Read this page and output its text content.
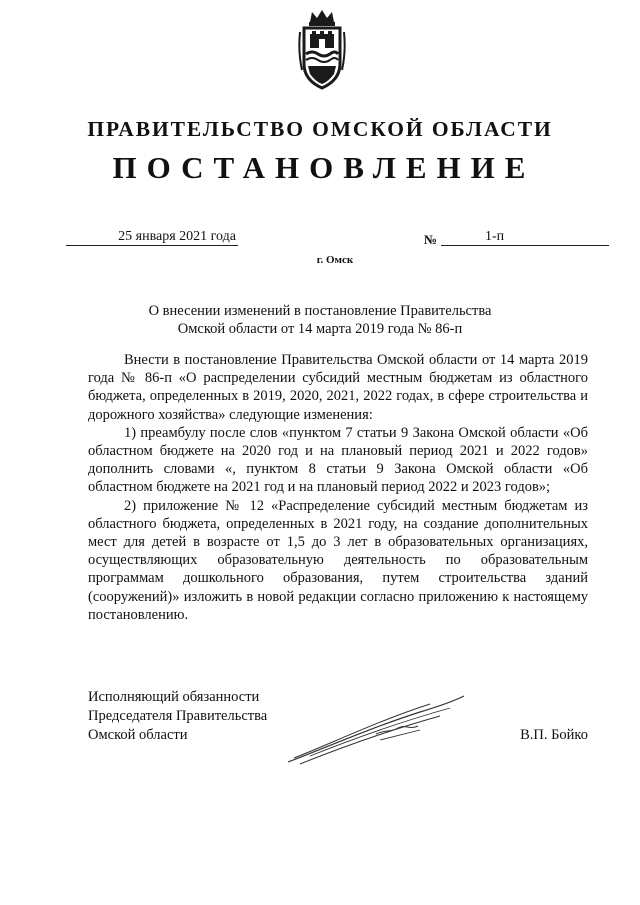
ПРАВИТЕЛЬСТВО ОМСКОЙ ОБЛАСТИ
ПОСТАНОВЛЕНИЕ
25 января 2021 года	№	1-п
г. Омск
О внесении изменений в постановление Правительства
Омской области от 14 марта 2019 года № 86-п

Внести в постановление Правительства Омской области от 14 марта 2019 года № 86-п «О распределении субсидий местным бюджетам из областного бюджета, определенных в 2019, 2020, 2021, 2022 годах, в сфере строительства и дорожного хозяйства» следующие изменения:

1) преамбулу после слов «пунктом 7 статьи 9 Закона Омской области «Об областном бюджете на 2020 год и на плановый период 2021 и 2022 годов» дополнить словами «, пунктом 8 статьи 9 Закона Омской области «Об областном бюджете на 2021 год и на плановый период 2022 и 2023 годов»;

2) приложение № 12 «Распределение субсидий местным бюджетам из областного бюджета, определенных в 2021 году, на создание дополнительных мест для детей в возрасте от 1,5 до 3 лет в образовательных организациях, осуществляющих образовательную деятельность по образовательным программам дошкольного образования, путем строительства зданий (сооружений)» изложить в новой редакции согласно приложению к настоящему постановлению.

Исполняющий обязанности
Председателя Правительства
Омской области	В.П. Бойко
